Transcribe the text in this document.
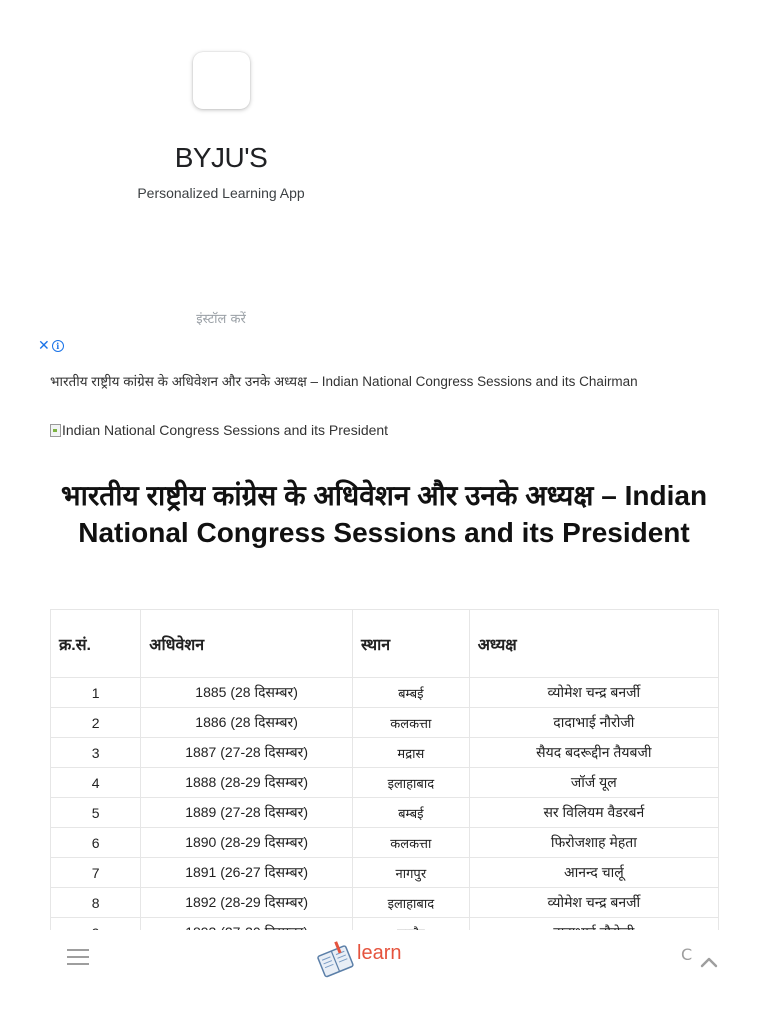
BYJU'S
Personalized Learning App
इंस्टॉल करें
✕ i
भारतीय राष्ट्रीय कांग्रेस के अधिवेशन और उनके अध्यक्ष – Indian National Congress Sessions and its Chairman
Indian National Congress Sessions and its President
भारतीय राष्ट्रीय कांग्रेस के अधिवेशन और उनके अध्यक्ष – Indian National Congress Sessions and its President
क्र.सं.	अधिवेशन	स्थान	अध्यक्ष
1	1885 (28 दिसम्बर)	बम्बई	व्योमेश चन्द्र बनर्जी
2	1886 (28 दिसम्बर)	कलकत्ता	दादाभाई नौरोजी
3	1887 (27-28 दिसम्बर)	मद्रास	सैयद बदरूद्दीन तैयबजी
4	1888 (28-29 दिसम्बर)	इलाहाबाद	जॉर्ज यूल
5	1889 (27-28 दिसम्बर)	बम्बई	सर विलियम वैडरबर्न
6	1890 (28-29 दिसम्बर)	कलकत्ता	फिरोजशाह मेहता
7	1891 (26-27 दिसम्बर)	नागपुर	आनन्द चार्लू
8	1892 (28-29 दिसम्बर)	इलाहाबाद	व्योमेश चन्द्र बनर्जी

learn	C
